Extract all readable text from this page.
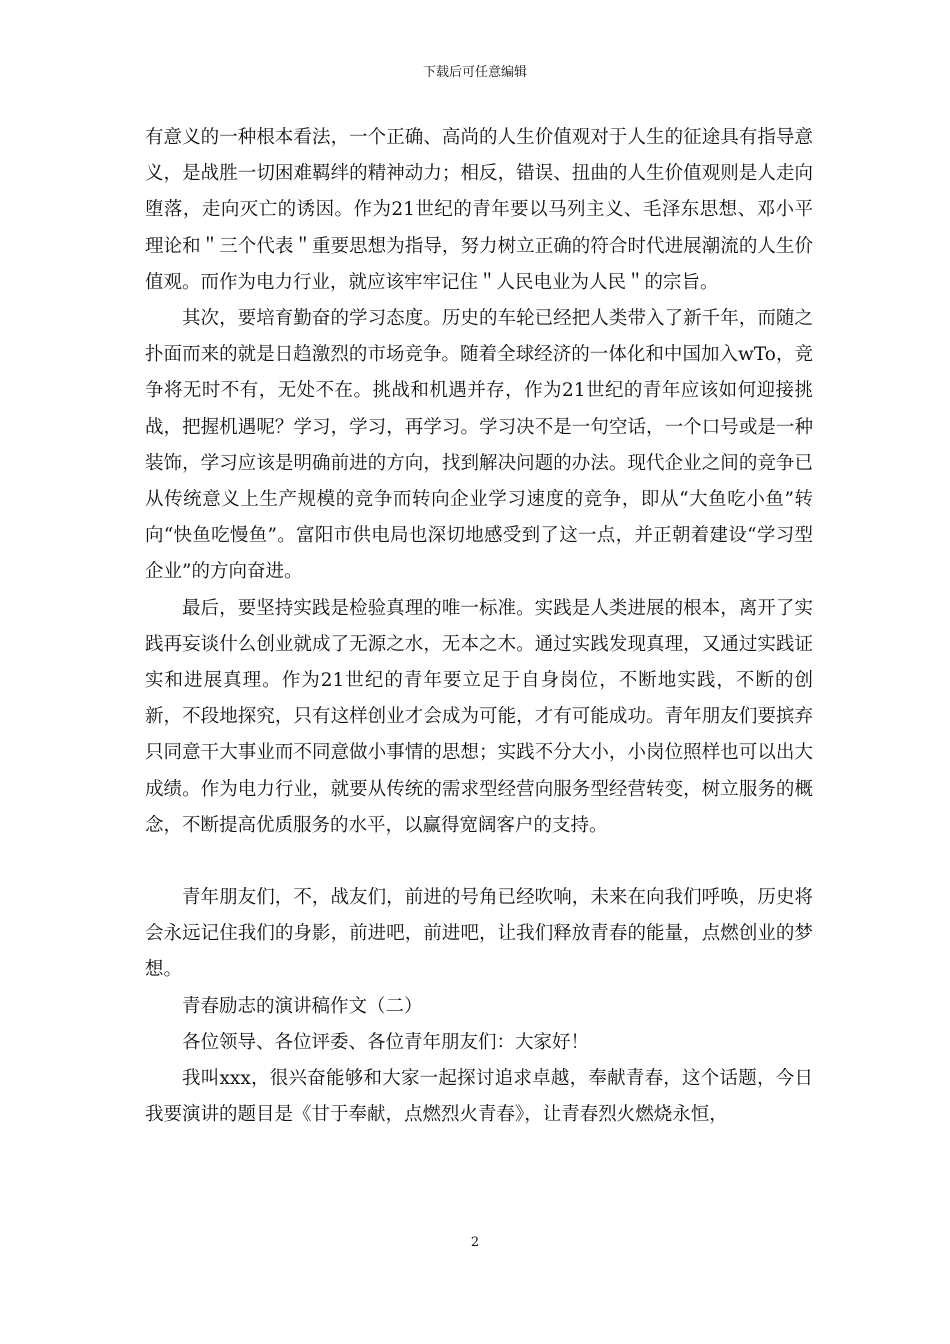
下载后可任意编辑

有意义的一种根本看法，一个正确、高尚的人生价值观对于人生的征途具有指导意义，是战胜一切困难羁绊的精神动力；相反，错误、扭曲的人生价值观则是人走向堕落，走向灭亡的诱因。作为21世纪的青年要以马列主义、毛泽东思想、邓小平理论和＂三个代表＂重要思想为指导，努力树立正确的符合时代进展潮流的人生价值观。而作为电力行业，就应该牢牢记住＂人民电业为人民＂的宗旨。

其次，要培育勤奋的学习态度。历史的车轮已经把人类带入了新千年，而随之扑面而来的就是日趋激烈的市场竞争。随着全球经济的一体化和中国加入wTo，竞争将无时不有，无处不在。挑战和机遇并存，作为21世纪的青年应该如何迎接挑战，把握机遇呢？学习，学习，再学习。学习决不是一句空话，一个口号或是一种装饰，学习应该是明确前进的方向，找到解决问题的办法。现代企业之间的竞争已从传统意义上生产规模的竞争而转向企业学习速度的竞争，即从“大鱼吃小鱼”转向“快鱼吃慢鱼”。富阳市供电局也深切地感受到了这一点，并正朝着建设“学习型企业”的方向奋进。

最后，要坚持实践是检验真理的唯一标准。实践是人类进展的根本，离开了实践再妄谈什么创业就成了无源之水，无本之木。通过实践发现真理，又通过实践证实和进展真理。作为21世纪的青年要立足于自身岗位，不断地实践，不断的创新，不段地探究，只有这样创业才会成为可能，才有可能成功。青年朋友们要摈弃只同意干大事业而不同意做小事情的思想；实践不分大小，小岗位照样也可以出大成绩。作为电力行业，就要从传统的需求型经营向服务型经营转变，树立服务的概念，不断提高优质服务的水平，以赢得宽阔客户的支持。

青年朋友们，不，战友们，前进的号角已经吹响，未来在向我们呼唤，历史将会永远记住我们的身影，前进吧，前进吧，让我们释放青春的能量，点燃创业的梦想。

青春励志的演讲稿作文（二）

各位领导、各位评委、各位青年朋友们：大家好！

我叫xxx，很兴奋能够和大家一起探讨追求卓越，奉献青春，这个话题，今日我要演讲的题目是《甘于奉献，点燃烈火青春》，让青春烈火燃烧永恒，

2
